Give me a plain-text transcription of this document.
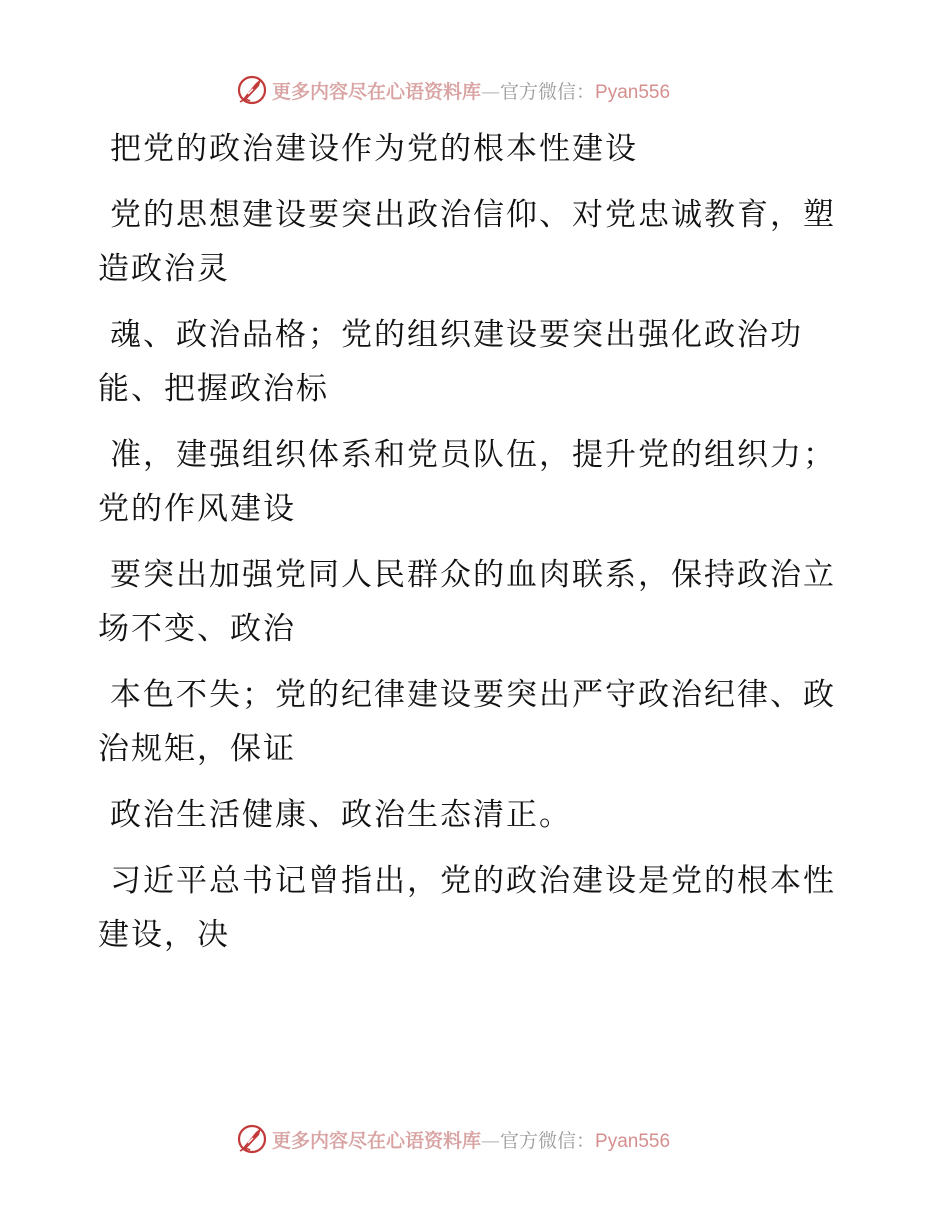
更多内容尽在心语资料库—官方微信：Pyan556

把党的政治建设作为党的根本性建设

党的思想建设要突出政治信仰、对党忠诚教育，塑造政治灵

魂、政治品格；党的组织建设要突出强化政治功能、把握政治标

准，建强组织体系和党员队伍，提升党的组织力；党的作风建设

要突出加强党同人民群众的血肉联系，保持政治立场不变、政治

本色不失；党的纪律建设要突出严守政治纪律、政治规矩，保证

政治生活健康、政治生态清正。

习近平总书记曾指出，党的政治建设是党的根本性建设，决

更多内容尽在心语资料库—官方微信：Pyan556
